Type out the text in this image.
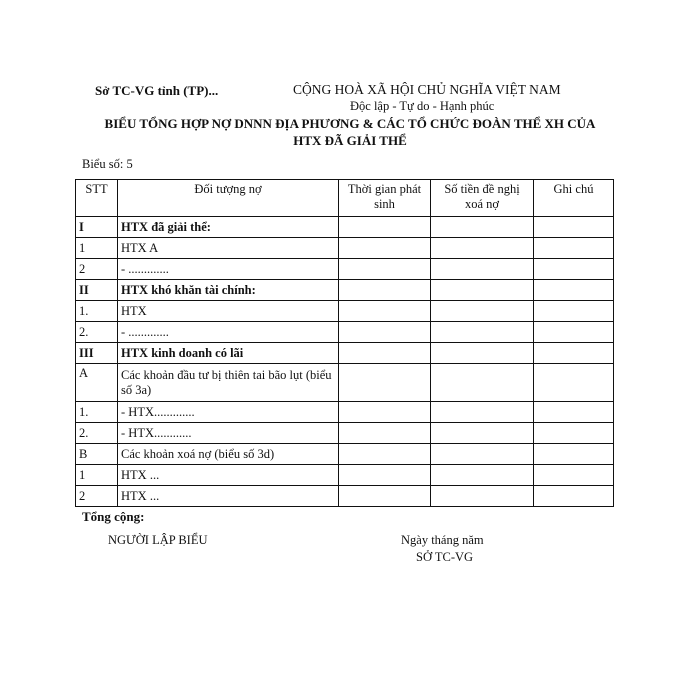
Sở TC-VG tỉnh (TP)...	CỘNG HOÀ XÃ HỘI CHỦ NGHĨA VIỆT NAM
Độc lập - Tự do - Hạnh phúc
BIỂU TỔNG HỢP NỢ DNNN ĐỊA PHƯƠNG & CÁC TỔ CHỨC ĐOÀN THỂ XH CỦA
HTX ĐÃ GIẢI THỂ
Biểu số: 5
STT	Đối tượng nợ	Thời gian phát sinh	Số tiền đề nghị xoá nợ	Ghi chú
I	HTX đã giải thể:			
1	HTX A			
2	- .............			
II	HTX khó khăn tài chính:			
1.	HTX			
2.	- .............			
III	HTX kinh doanh có lãi			
A	Các khoản đầu tư bị thiên tai bão lụt (biểu số 3a)			
1.	- HTX.............			
2.	- HTX............			
B	Các khoản xoá nợ (biểu số 3d)			
1	HTX ...			
2	HTX ...			
Tổng cộng:
NGƯỜI LẬP BIỂU	Ngày tháng năm
SỞ TC-VG
